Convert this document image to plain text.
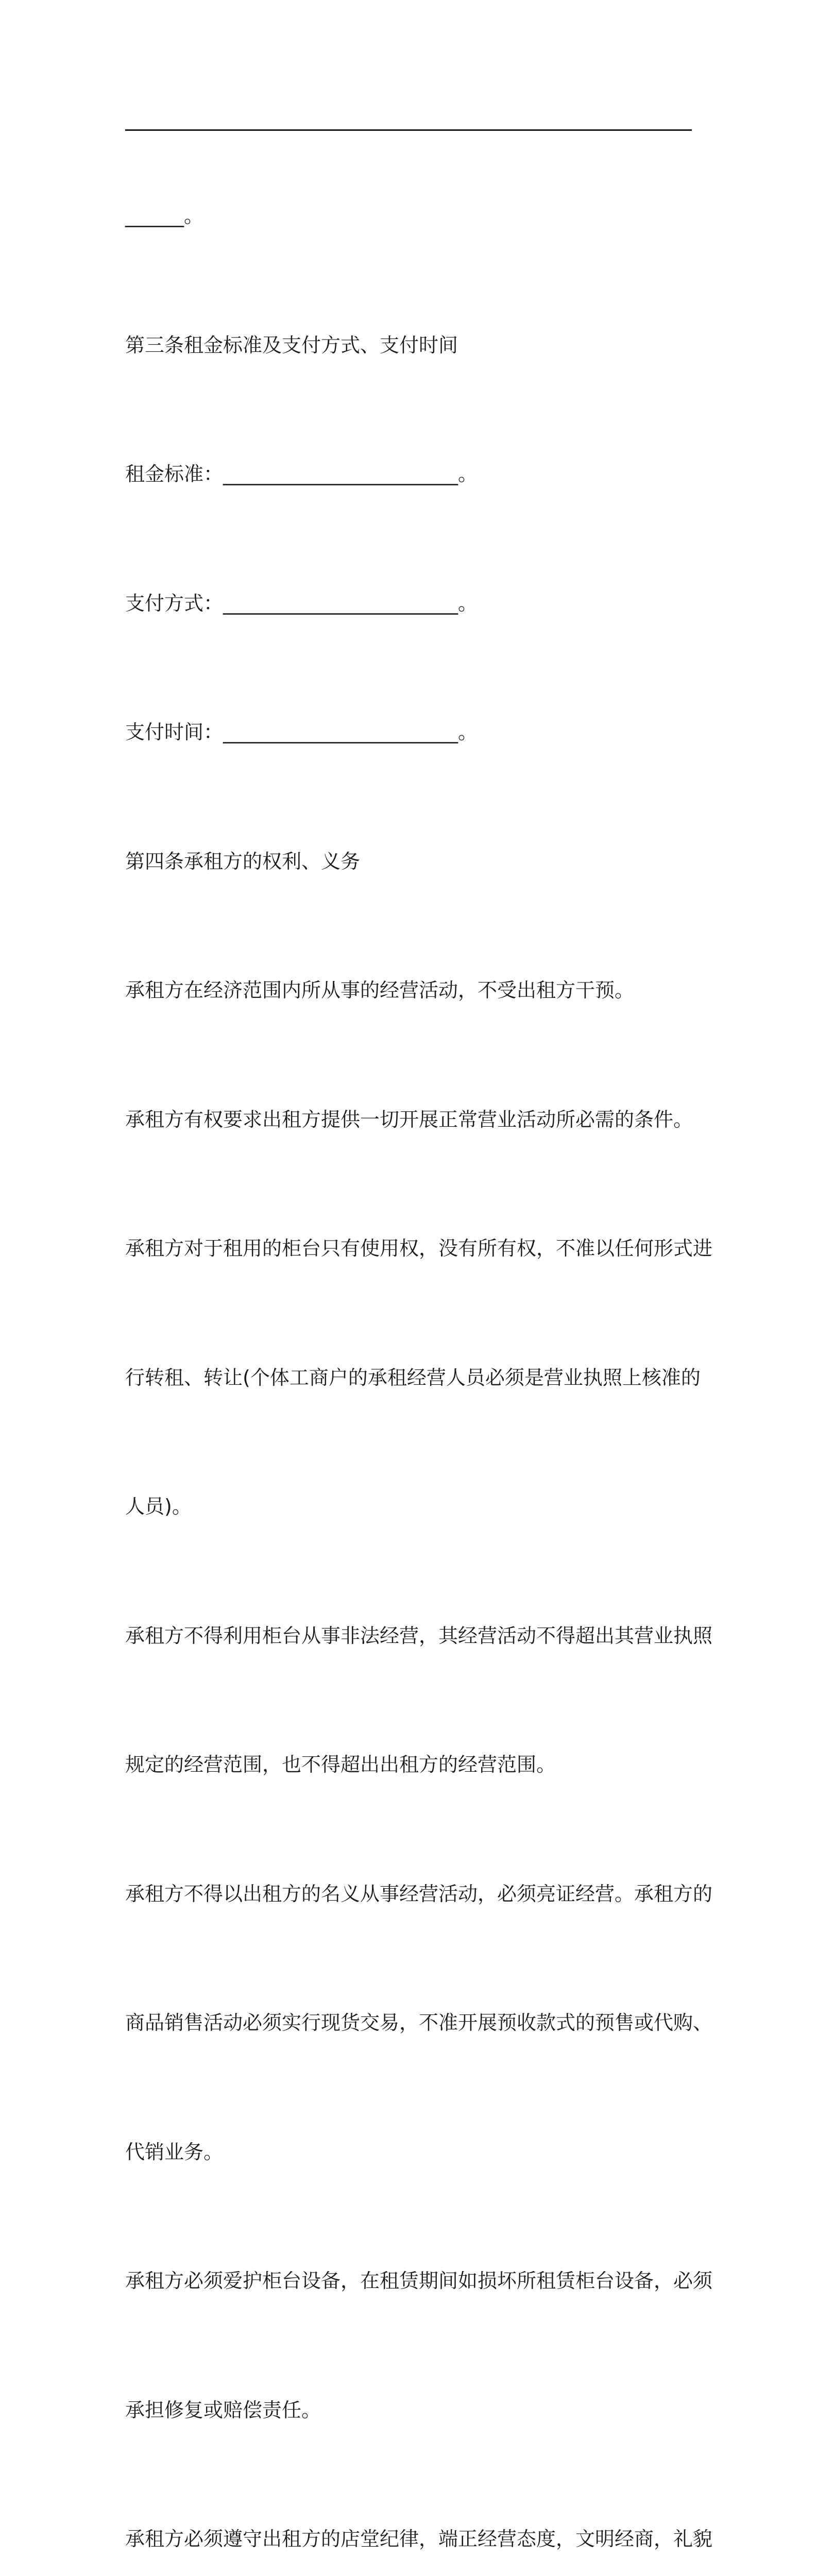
______。

第三条租金标准及支付方式、支付时间

租金标准：________________________。

支付方式：________________________。

支付时间：________________________。

第四条承租方的权利、义务

承租方在经济范围内所从事的经营活动，不受出租方干预。

承租方有权要求出租方提供一切开展正常营业活动所必需的条件。

承租方对于租用的柜台只有使用权，没有所有权，不准以任何形式进

行转租、转让(个体工商户的承租经营人员必须是营业执照上核准的

人员)。

承租方不得利用柜台从事非法经营，其经营活动不得超出其营业执照

规定的经营范围，也不得超出出租方的经营范围。

承租方不得以出租方的名义从事经营活动，必须亮证经营。承租方的

商品销售活动必须实行现货交易，不准开展预收款式的预售或代购、

代销业务。

承租方必须爱护柜台设备，在租赁期间如损坏所租赁柜台设备，必须

承担修复或赔偿责任。

承租方必须遵守出租方的店堂纪律，端正经营态度，文明经商，礼貌
